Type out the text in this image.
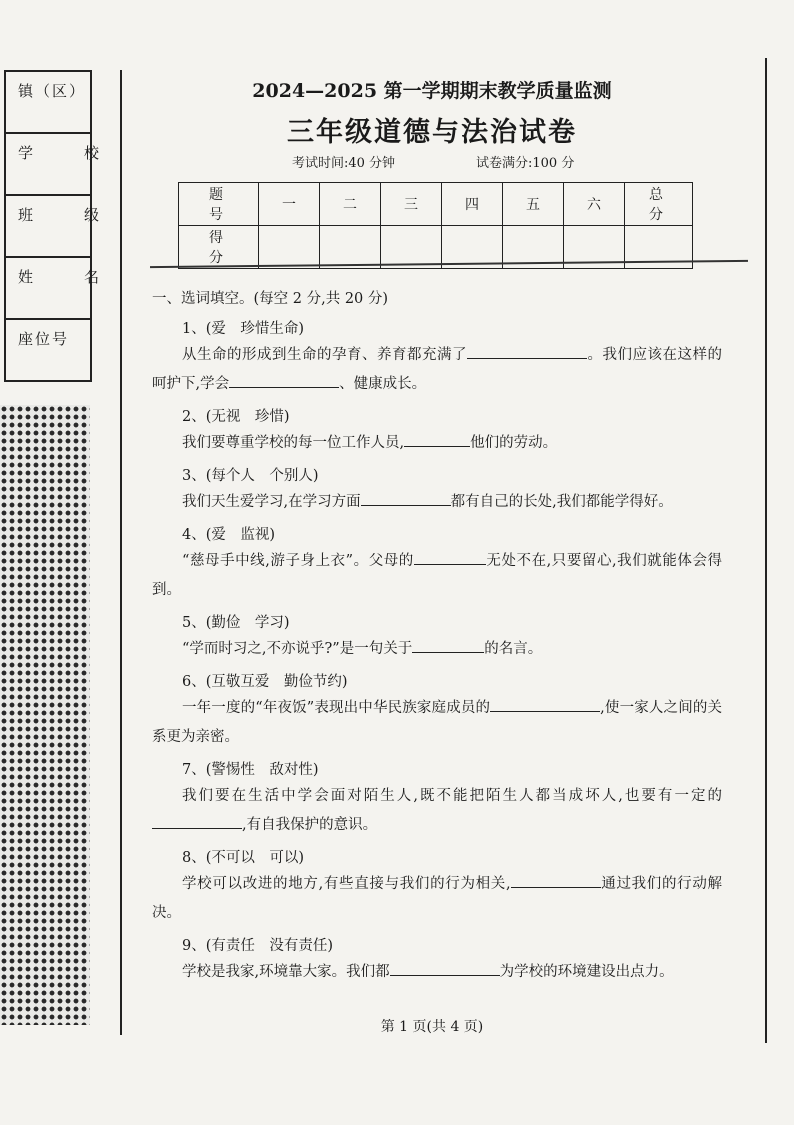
镇（区）
学　校
班　级
姓　名
座位号
2024—2025 第一学期期末教学质量监测
三年级道德与法治试卷
考试时间:40 分钟	试卷满分:100 分
题　号	一	二	三	四	五	六	总　分
得　分							
一、选词填空。(每空 2 分,共 20 分)
1、(爱　珍惜生命)
从生命的形成到生命的孕育、养育都充满了	。我们应该在这样的呵护下,学会	、健康成长。
2、(无视　珍惜)
我们要尊重学校的每一位工作人员,	他们的劳动。
3、(每个人　个别人)
我们天生爱学习,在学习方面	都有自己的长处,我们都能学得好。
4、(爱　监视)
“慈母手中线,游子身上衣”。父母的	无处不在,只要留心,我们就能体会得到。
5、(勤俭　学习)
“学而时习之,不亦说乎?”是一句关于	的名言。
6、(互敬互爱　勤俭节约)
一年一度的“年夜饭”表现出中华民族家庭成员的	,使一家人之间的关系更为亲密。
7、(警惕性　敌对性)
我们要在生活中学会面对陌生人,既不能把陌生人都当成坏人,也要有一定的,有自我保护的意识。
8、(不可以　可以)
学校可以改进的地方,有些直接与我们的行为相关,	通过我们的行动解决。
9、(有责任　没有责任)
学校是我家,环境靠大家。我们都	为学校的环境建设出点力。
第 1 页(共 4 页)
